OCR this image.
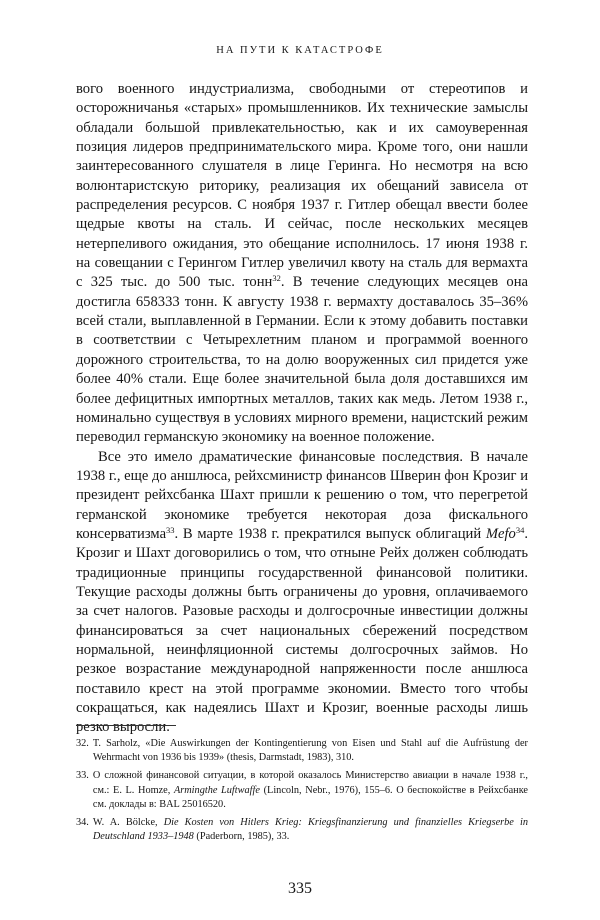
НА ПУТИ К КАТАСТРОФЕ

вого военного индустриализма, свободными от стереотипов и осторожничанья «старых» промышленников. Их технические замыслы обладали большой привлекательностью, как и их самоуверенная позиция лидеров предпринимательского мира. Кроме того, они нашли заинтересованного слушателя в лице Геринга. Но несмотря на всю волюнтаристскую риторику, реализация их обещаний зависела от распределения ресурсов. С ноября 1937 г. Гитлер обещал ввести более щедрые квоты на сталь. И сейчас, после нескольких месяцев нетерпеливого ожидания, это обещание исполнилось. 17 июня 1938 г. на совещании с Герингом Гитлер увеличил квоту на сталь для вермахта с 325 тыс. до 500 тыс. тонн$^{32}$. В течение следующих месяцев она достигла 658333 тонн. К августу 1938 г. вермахту доставалось 35–36% всей стали, выплавленной в Германии. Если к этому добавить поставки в соответствии с Четырехлетним планом и программой военного дорожного строительства, то на долю вооруженных сил придется уже более 40% стали. Еще более значительной была доля доставшихся им более дефицитных импортных металлов, таких как медь. Летом 1938 г., номинально существуя в условиях мирного времени, нацистский режим переводил германскую экономику на военное положение.

Все это имело драматические финансовые последствия. В начале 1938 г., еще до аншлюса, рейхсминистр финансов Шверин фон Крозиг и президент рейхсбанка Шахт пришли к решению о том, что перегретой германской экономике требуется некоторая доза фискального консерватизма$^{33}$. В марте 1938 г. прекратился выпуск облигаций Mefo$^{34}$. Крозиг и Шахт договорились о том, что отныне Рейх должен соблюдать традиционные принципы государственной финансовой политики. Текущие расходы должны быть ограничены до уровня, оплачиваемого за счет налогов. Разовые расходы и долгосрочные инвестиции должны финансироваться за счет национальных сбережений посредством нормальной, неинфляционной системы долгосрочных займов. Но резкое возрастание международной напряженности после аншлюса поставило крест на этой программе экономии. Вместо того чтобы сокращаться, как надеялись Шахт и Крозиг, военные расходы лишь резко выросли.

32. T. Sarholz, «Die Auswirkungen der Kontingentierung von Eisen und Stahl auf die Aufrüstung der Wehrmacht von 1936 bis 1939» (thesis, Darmstadt, 1983), 310.
33. О сложной финансовой ситуации, в которой оказалось Министерство авиации в начале 1938 г., см.: E. L. Homze, Armingthe Luftwaffe (Lincoln, Nebr., 1976), 155–6. О беспокойстве в Рейхсбанке см. доклады в: BAL 25016520.
34. W. A. Bölcke, Die Kosten von Hitlers Krieg: Kriegsfinanzierung und finanzielles Kriegserbe in Deutschland 1933–1948 (Paderborn, 1985), 33.
335
